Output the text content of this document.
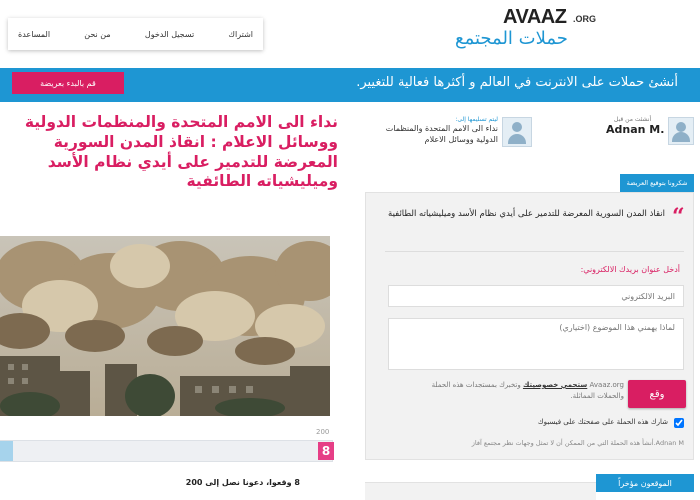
اشتراك
تسجيل الدخول
من نحن
المساعدة
AVAAZ .ORG
حملات المجتمع
أنشئ حملات على الانترنت في العالم و أكثرها فعالية للتغيير.
قم بالبدء بعريضة
أنشئت من قبل
Adnan M.
ليتم تسليمها إلى:
نداء الى الامم المتحدة والمنظمات الدولية ووسائل الاعلام
نداء الى الامم المتحدة والمنظمات الدولية ووسائل الاعلام : انقاذ المدن السورية المعرضة للتدمير على أيدي نظام الأسد وميليشياته الطائفية
200
8
8 وقعوا، دعونا نصل إلى 200
شكرونا بتوقيع العريضة
“
انقاذ المدن السورية المعرضة للتدمير على أيدي نظام الأسد وميليشياته الطائفية
أدخل عنوان بريدك الالكتروني:
البريد الالكتروني
لماذا يهمني هذا الموضوع (اختياري)
وقع
Avaaz.org ستحمي خصوصيتك وتخبرك بمستجدات هذه الحملة والحملات المماثلة.
شارك هذه الحملة على صفحتك على فيسبوك
Adnan M.أنشأ هذه الحملة التي من الممكن أن لا تمثل وجهات نظر مجتمع آفاز
الموقعون مؤخراً
